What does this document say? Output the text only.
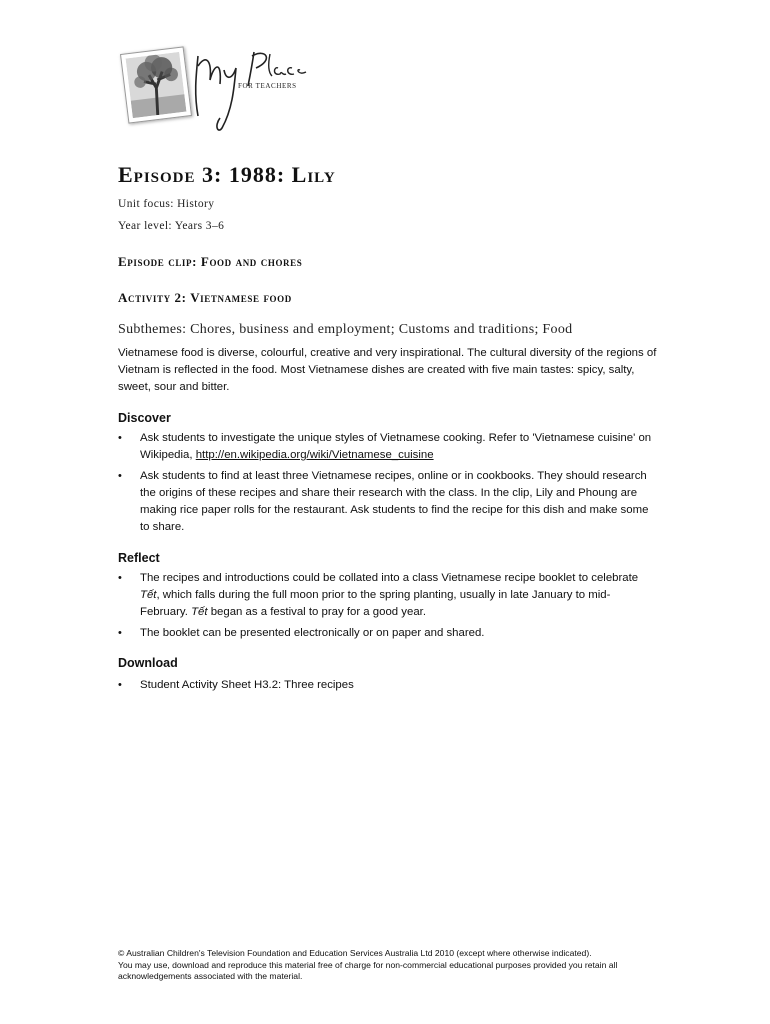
FOR TEACHERS
Episode 3: 1988: Lily

Unit focus: History

Year level: Years 3–6

Episode clip: Food and chores
Activity 2: Vietnamese food

Subthemes: Chores, business and employment; Customs and traditions; Food

Vietnamese food is diverse, colourful, creative and very inspirational. The cultural diversity of the regions of Vietnam is reflected in the food. Most Vietnamese dishes are created with five main tastes: spicy, salty, sweet, sour and bitter.

Discover
• Ask students to investigate the unique styles of Vietnamese cooking. Refer to 'Vietnamese cuisine' on Wikipedia, http://en.wikipedia.org/wiki/Vietnamese_cuisine
• Ask students to find at least three Vietnamese recipes, online or in cookbooks. They should research the origins of these recipes and share their research with the class. In the clip, Lily and Phoung are making rice paper rolls for the restaurant. Ask students to find the recipe for this dish and make some to share.
Reflect
• The recipes and introductions could be collated into a class Vietnamese recipe booklet to celebrate Tết, which falls during the full moon prior to the spring planting, usually in late January to mid-February. Tết began as a festival to pray for a good year.
• The booklet can be presented electronically or on paper and shared.
Download
• Student Activity Sheet H3.2: Three recipes

© Australian Children's Television Foundation and Education Services Australia Ltd 2010 (except where otherwise indicated).
You may use, download and reproduce this material free of charge for non-commercial educational purposes provided you retain all acknowledgements associated with the material.
